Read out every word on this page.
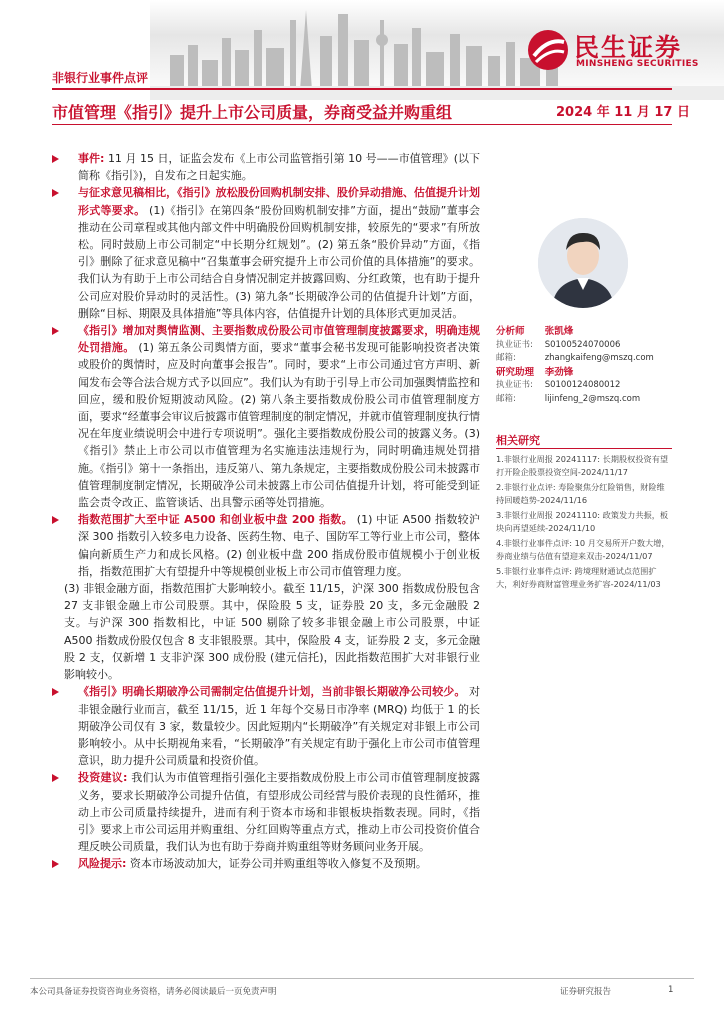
民生证券
MINSHENG SECURITIES
非银行业事件点评
市值管理《指引》提升上市公司质量，券商受益并购重组	2024 年 11 月 17 日
事件: 11 月 15 日，证监会发布《上市公司监管指引第 10 号——市值管理》(以下简称《指引》)，自发布之日起实施。
与征求意见稿相比，《指引》放松股份回购机制安排、股价异动措施、估值提升计划形式等要求。 (1)《指引》在第四条“股份回购机制安排”方面，提出“鼓励”董事会推动在公司章程或其他内部文件中明确股份回购机制安排，较原先的“要求”有所放松。同时鼓励上市公司制定“中长期分红规划”。(2) 第五条“股价异动”方面，《指引》删除了征求意见稿中“召集董事会研究提升上市公司价值的具体措施”的要求。我们认为有助于上市公司结合自身情况制定并披露回购、分红政策，也有助于提升公司应对股价异动时的灵活性。(3) 第九条“长期破净公司的估值提升计划”方面，删除“目标、期限及具体措施”等具体内容，估值提升计划的具体形式更加灵活。
《指引》增加对舆情监测、主要指数成份股公司市值管理制度披露要求，明确违规处罚措施。 (1) 第五条公司舆情方面，要求“董事会秘书发现可能影响投资者决策或股价的舆情时，应及时向董事会报告”。同时，要求“上市公司通过官方声明、新闻发布会等合法合规方式予以回应”。我们认为有助于引导上市公司加强舆情监控和回应，缓和股价短期波动风险。(2) 第八条主要指数成份股公司市值管理制度方面，要求“经董事会审议后披露市值管理制度的制定情况，并就市值管理制度执行情况在年度业绩说明会中进行专项说明”。强化主要指数成份股公司的披露义务。(3)《指引》禁止上市公司以市值管理为名实施违法违规行为，同时明确违规处罚措施。《指引》第十一条指出，违反第八、第九条规定，主要指数成份股公司未披露市值管理制度制定情况，长期破净公司未披露上市公司估值提升计划，将可能受到证监会责令改正、监管谈话、出具警示函等处罚措施。
指数范围扩大至中证 A500 和创业板中盘 200 指数。 (1) 中证 A500 指数较沪深 300 指数引入较多电力设备、医药生物、电子、国防军工等行业上市公司，整体偏向新质生产力和成长风格。(2) 创业板中盘 200 指成份股市值规模小于创业板指，指数范围扩大有望提升中等规模创业板上市公司市值管理力度。
(3) 非银金融方面，指数范围扩大影响较小。截至 11/15，沪深 300 指数成份股包含 27 支非银金融上市公司股票。其中，保险股 5 支，证券股 20 支，多元金融股 2 支。与沪深 300 指数相比，中证 500 剔除了较多非银金融上市公司股票，中证 A500 指数成份股仅包含 8 支非银股票。其中，保险股 4 支，证券股 2 支，多元金融股 2 支，仅新增 1 支非沪深 300 成份股 (建元信托)，因此指数范围扩大对非银行业影响较小。
《指引》明确长期破净公司需制定估值提升计划，当前非银长期破净公司较少。 对非银金融行业而言，截至 11/15，近 1 年每个交易日市净率 (MRQ) 均低于 1 的长期破净公司仅有 3 家，数量较少。因此短期内“长期破净”有关规定对非银上市公司影响较小。从中长期视角来看，“长期破净”有关规定有助于强化上市公司市值管理意识，助力提升公司质量和投资价值。
投资建议: 我们认为市值管理指引强化主要指数成份股上市公司市值管理制度披露义务，要求长期破净公司提升估值，有望形成公司经营与股价表现的良性循环，推动上市公司质量持续提升，进而有利于资本市场和非银板块指数表现。同时，《指引》要求上市公司运用并购重组、分红回购等重点方式，推动上市公司投资价值合理反映公司质量，我们认为也有助于券商并购重组等财务顾问业务开展。
风险提示: 资本市场波动加大，证券公司并购重组等收入修复不及预期。
分析师 张凯烽
执业证书: S0100524070006
邮箱:	zhangkaifeng@mszq.com
研究助理 李劲锋
执业证书: S0100124080012
邮箱:	lijinfeng_2@mszq.com
相关研究
1.非银行业周报 20241117: 长期股权投资有望打开险企股票投资空间-2024/11/17
2.非银行业点评: 寿险聚焦分红险销售，财险维持回暖趋势-2024/11/16
3.非银行业周报 20241110: 政策发力共振，板块向再望延续-2024/11/10
4.非银行业事件点评: 10 月交易所开户数大增，券商业绩与估值有望迎来双击-2024/11/07
5.非银行业事件点评: 跨境理财通试点范围扩大，利好券商财富管理业务扩容-2024/11/03
本公司具备证券投资咨询业务资格，请务必阅读最后一页免责声明	证券研究报告	1
